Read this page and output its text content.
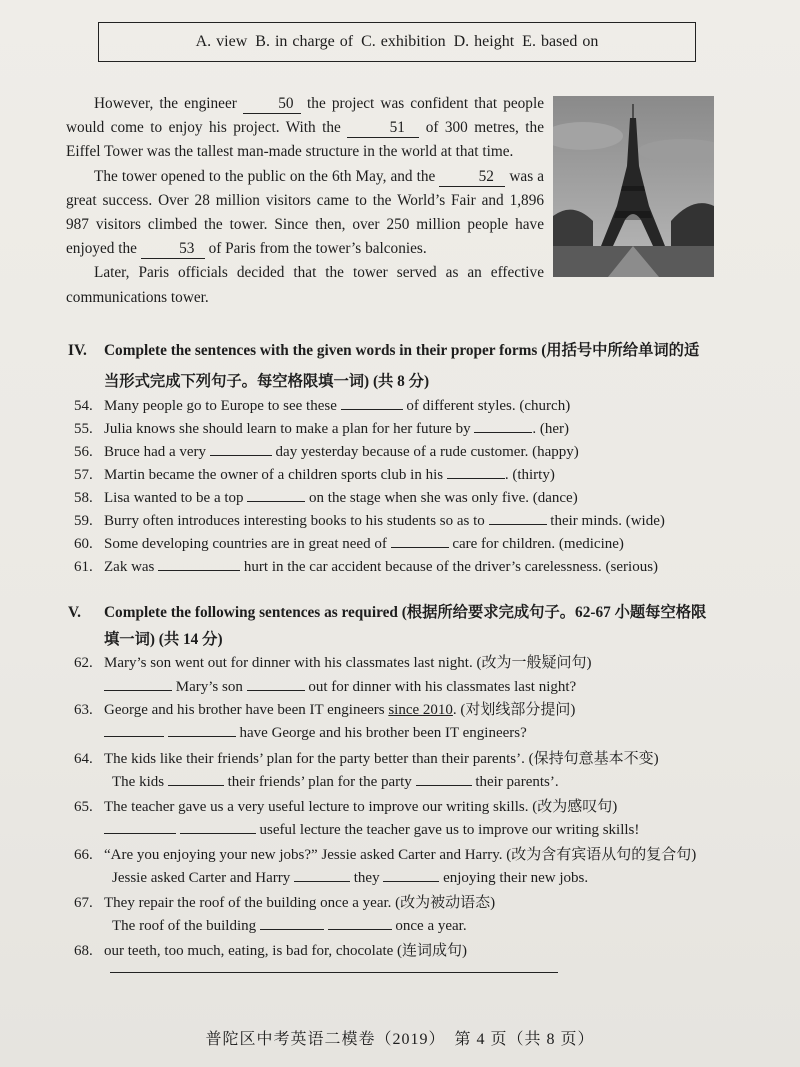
A. view B. in charge of C. exhibition D. height E. based on

However, the engineer	50 the project was confident that people would come to enjoy his project. With the	51 of 300 metres, the Eiffel Tower was the tallest man-made structure in the world at that time.

The tower opened to the public on the 6th May, and the	52 was a great success. Over 28 million visitors came to the World’s Fair and 1,896 987 visitors climbed the tower. Since then, over 250 million people have enjoyed the	53 of Paris from the tower’s balconies.

Later, Paris officials decided that the tower served as an effective communications tower.

IV. Complete the sentences with the given words in their proper forms (用括号中所给单词的适
当形式完成下列句子。每空格限填一词) (共 8 分)
54. Many people go to Europe to see these	of different styles. (church)
55. Julia knows she should learn to make a plan for her future by	. (her)
56. Bruce had a very	day yesterday because of a rude customer. (happy)
57. Martin became the owner of a children sports club in his	. (thirty)
58. Lisa wanted to be a top	on the stage when she was only five. (dance)
59. Burry often introduces interesting books to his students so as to	their minds. (wide)
60. Some developing countries are in great need of	care for children. (medicine)
61. Zak was	hurt in the car accident because of the driver’s carelessness. (serious)
V. Complete the following sentences as required (根据所给要求完成句子。62-67 小题每空格限
填一词) (共 14 分)
62. Mary’s son went out for dinner with his classmates last night. (改为一般疑问句)
Mary’s son	out for dinner with his classmates last night?
63. George and his brother have been IT engineers since 2010. (对划线部分提问)
have George and his brother been IT engineers?
64. The kids like their friends’ plan for the party better than their parents’. (保持句意基本不变)
The kids	their friends’ plan for the party	their parents’.
65. The teacher gave us a very useful lecture to improve our writing skills. (改为感叹句)
useful lecture the teacher gave us to improve our writing skills!
66. “Are you enjoying your new jobs?” Jessie asked Carter and Harry. (改为含有宾语从句的复合句)
Jessie asked Carter and Harry	they	enjoying their new jobs.
67. They repair the roof of the building once a year. (改为被动语态)
The roof of the building	once a year.
68. our teeth, too much, eating, is bad for, chocolate (连词成句)
普陀区中考英语二模卷（2019）　第 4 页（共 8 页）
